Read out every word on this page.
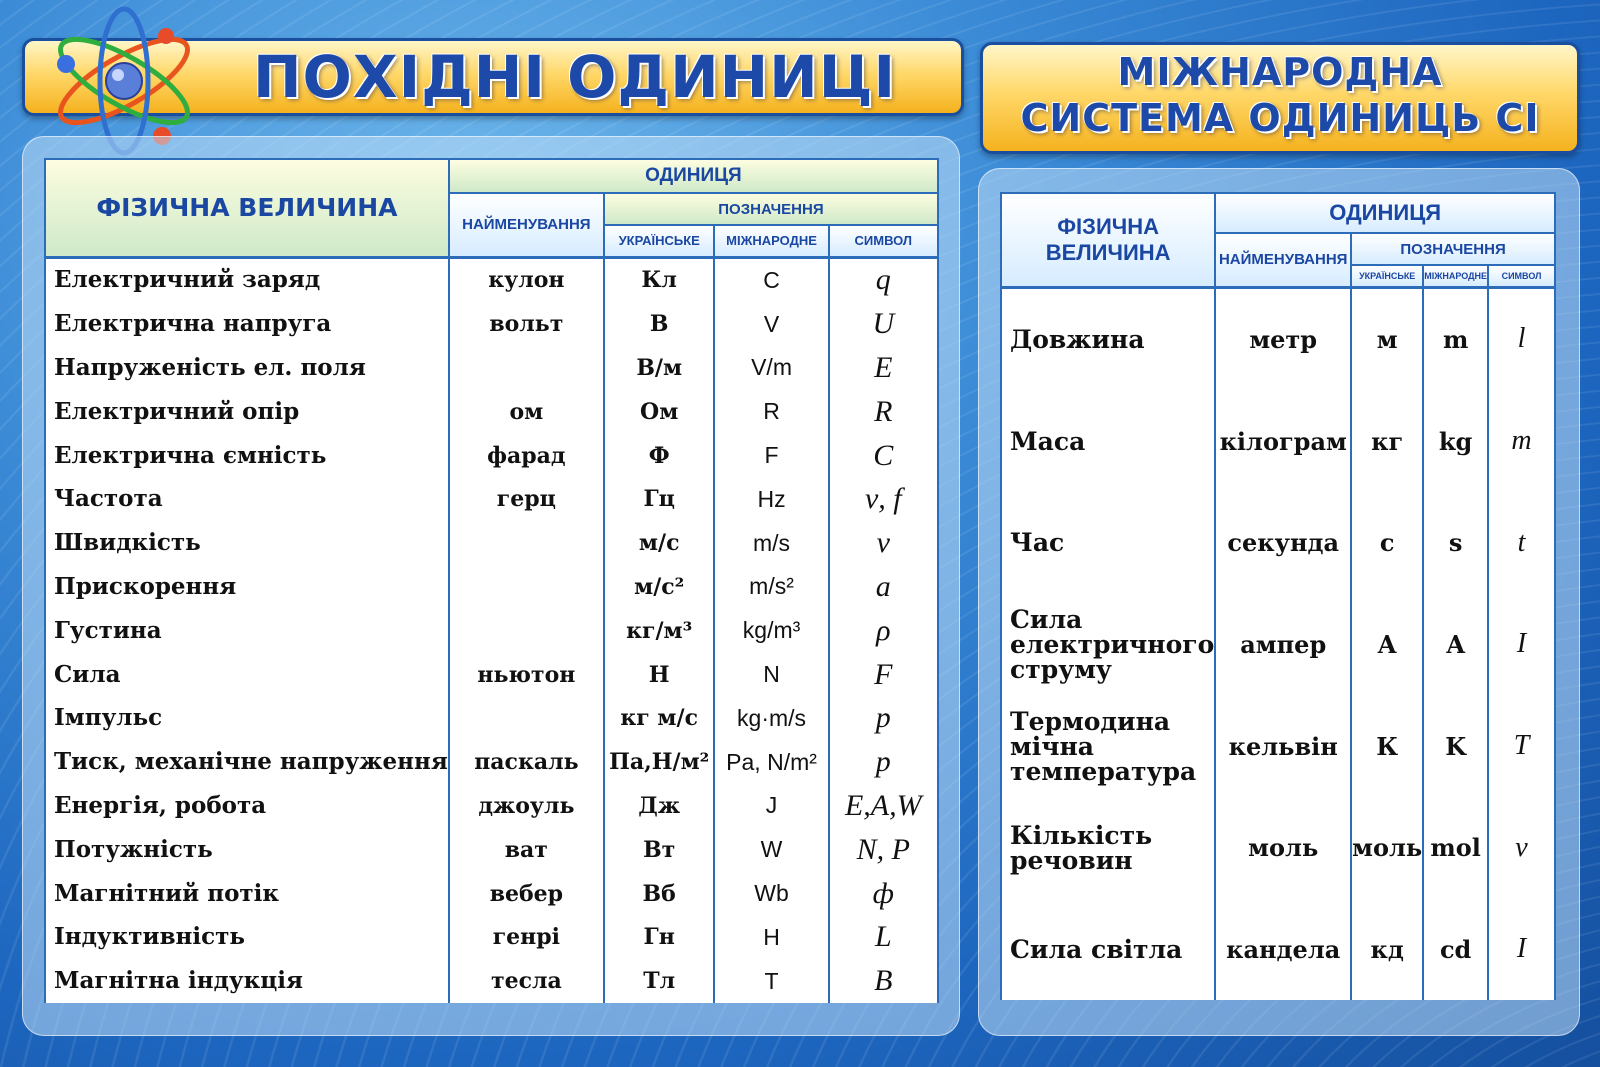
ПОХІДНІ ОДИНИЦІ	МІЖНАРОДНА
СИСТЕМА ОДИНИЦЬ СІ
ФІЗИЧНА ВЕЛИЧИНА	ОДИНИЦЯ			
	НАЙМЕНУВАННЯ	ПОЗНАЧЕННЯ		
		УКРАЇНСЬКЕ	МІЖНАРОДНЕ	СИМВОЛ
Електричний заряд	кулон	Кл	C	q
Електрична напруга	вольт	В	V	U
Напруженість ел. поля		В/м	V/m	E
Електричний опір	ом	Ом	R	R
Електрична ємність	фарад	Ф	F	C
Частота	герц	Гц	Hz	ν, f
Швидкість		м/с	m/s	v
Прискорення		м/с²	m/s²	a
Густина		кг/м³	kg/m³	ρ
Сила	ньютон	Н	N	F
Імпульс		кг м/с	kg·m/s	p
Тиск, механічне напруження	паскаль	Па,Н/м²	Pa, N/m²	p
Енергія, робота	джоуль	Дж	J	E,A,W
Потужність	ват	Вт	W	N, P
Магнітний потік	вебер	Вб	Wb	ф
Індуктивність	генрі	Гн	H	L
Магнітна індукція	тесла	Тл	T	B
ФІЗИЧНА ВЕЛИЧИНА	ОДИНИЦЯ			
	НАЙМЕНУВАННЯ	ПОЗНАЧЕННЯ		
		УКРАЇНСЬКЕ	МІЖНАРОДНЕ	СИМВОЛ
Довжина	метр	м	m	l
Маса	кілограм	кг	kg	m
Час	секунда	с	s	t
Сила електричного струму	ампер	А	A	I
Термодина мічна температура	кельвін	К	K	T
Кількість речовин	моль	моль	mol	ν
Сила світла	кандела	кд	cd	I
